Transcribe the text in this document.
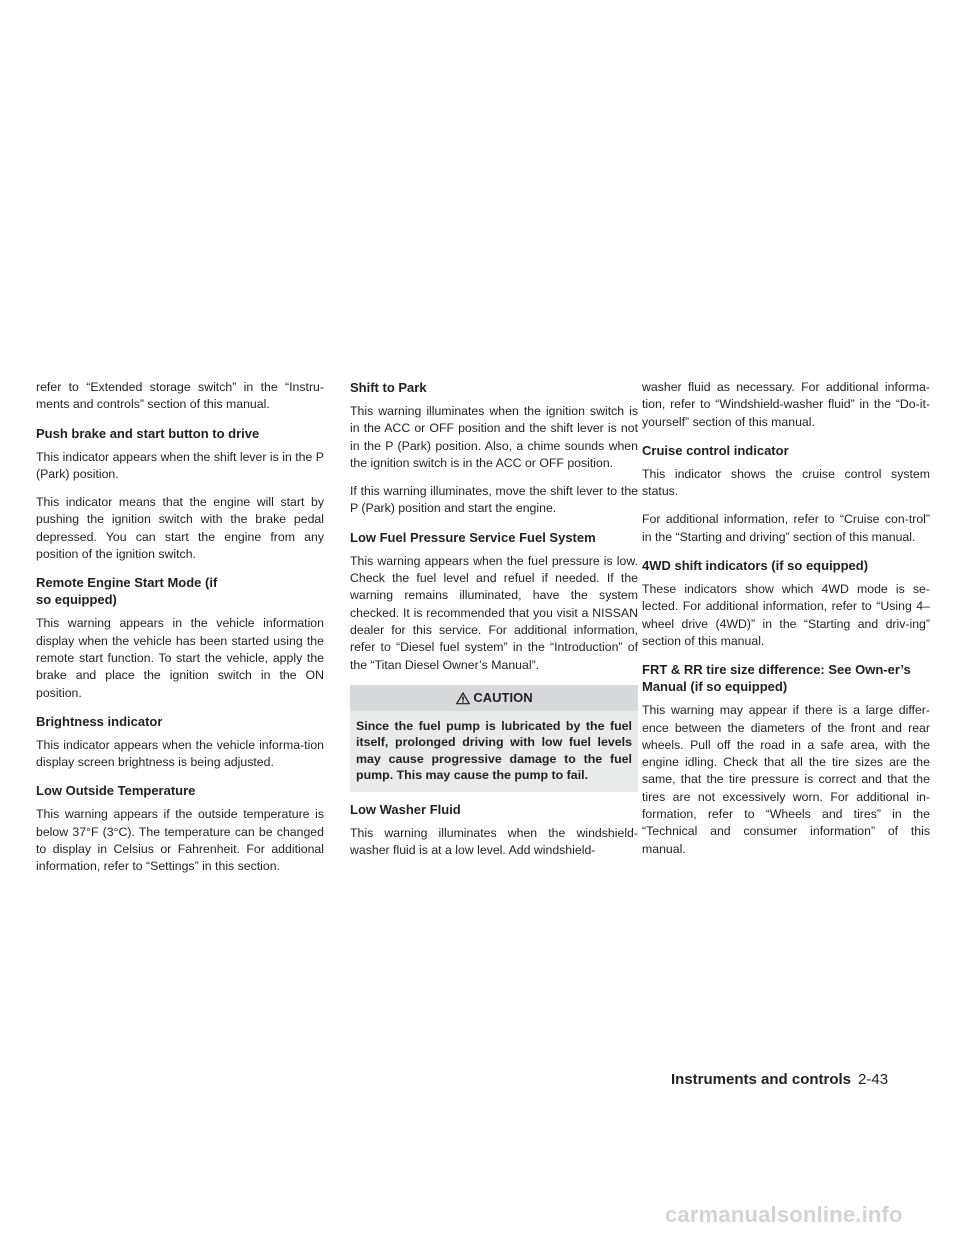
refer to “Extended storage switch” in the “Instru-ments and controls” section of this manual.

Push brake and start button to drive

This indicator appears when the shift lever is in the P (Park) position.

This indicator means that the engine will start by pushing the ignition switch with the brake pedal depressed. You can start the engine from any position of the ignition switch.

Remote Engine Start Mode (if so equipped)

This warning appears in the vehicle information display when the vehicle has been started using the remote start function. To start the vehicle, apply the brake and place the ignition switch in the ON position.

Brightness indicator

This indicator appears when the vehicle informa-tion display screen brightness is being adjusted.

Low Outside Temperature

This warning appears if the outside temperature is below 37°F (3°C). The temperature can be changed to display in Celsius or Fahrenheit. For additional information, refer to “Settings” in this section.

Shift to Park

This warning illuminates when the ignition switch is in the ACC or OFF position and the shift lever is not in the P (Park) position. Also, a chime sounds when the ignition switch is in the ACC or OFF position.

If this warning illuminates, move the shift lever to the P (Park) position and start the engine.

Low Fuel Pressure Service Fuel System

This warning appears when the fuel pressure is low. Check the fuel level and refuel if needed. If the warning remains illuminated, have the system checked. It is recommended that you visit a NISSAN dealer for this service. For additional information, refer to “Diesel fuel system” in the “Introduction” of the “Titan Diesel Owner’s Manual”.

CAUTION
Since the fuel pump is lubricated by the fuel itself, prolonged driving with low fuel levels may cause progressive damage to the fuel pump. This may cause the pump to fail.
Low Washer Fluid

This warning illuminates when the windshield-washer fluid is at a low level. Add windshield-

washer fluid as necessary. For additional informa-tion, refer to “Windshield-washer fluid” in the “Do-it-yourself” section of this manual.

Cruise control indicator

This indicator shows the cruise control system status.

For additional information, refer to “Cruise con-trol” in the “Starting and driving” section of this manual.

4WD shift indicators (if so equipped)

These indicators show which 4WD mode is se-lected. For additional information, refer to “Using 4–wheel drive (4WD)” in the “Starting and driv-ing” section of this manual.

FRT & RR tire size difference: See Own-er’s Manual (if so equipped)

This warning may appear if there is a large differ-ence between the diameters of the front and rear wheels. Pull off the road in a safe area, with the engine idling. Check that all the tire sizes are the same, that the tire pressure is correct and that the tires are not excessively worn. For additional in-formation, refer to “Wheels and tires” in the “Technical and consumer information” of this manual.

Instruments and controls 2-43
carmanualsonline.info
